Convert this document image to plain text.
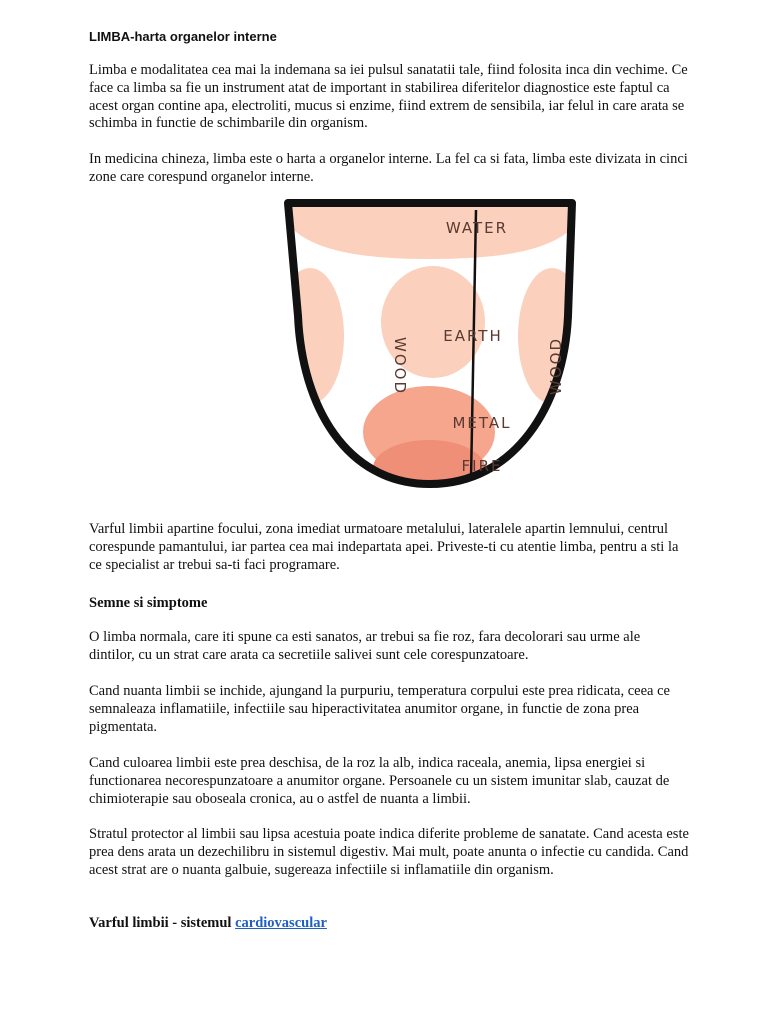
LIMBA-harta organelor interne

Limba e modalitatea cea mai la indemana sa iei pulsul sanatatii tale, fiind folosita inca din vechime. Ce face ca limba sa fie un instrument atat de important in stabilirea diferitelor diagnostice este faptul ca acest organ contine apa, electroliti, mucus si enzime, fiind extrem de sensibila, iar felul in care arata se schimba in functie de schimbarile din organism.

In medicina chineza, limba este o harta a organelor interne. La fel ca si fata, limba este divizata in cinci zone care corespund organelor interne.

WATER
EARTH
METAL
FIRE
WOOD	WOOD

Varful limbii apartine focului, zona imediat urmatoare metalului, lateralele apartin lemnului, centrul corespunde pamantului, iar partea cea mai indepartata apei. Priveste-ti cu atentie limba, pentru a sti la ce specialist ar trebui sa-ti faci programare.

Semne si simptome

O limba normala, care iti spune ca esti sanatos, ar trebui sa fie roz, fara decolorari sau urme ale dintilor, cu un strat care arata ca secretiile salivei sunt cele corespunzatoare.

Cand nuanta limbii se inchide, ajungand la purpuriu, temperatura corpului este prea ridicata, ceea ce semnaleaza inflamatiile, infectiile sau hiperactivitatea anumitor organe, in functie de zona prea pigmentata.

Cand culoarea limbii este prea deschisa, de la roz la alb, indica raceala, anemia, lipsa energiei si functionarea necorespunzatoare a anumitor organe. Persoanele cu un sistem imunitar slab, cauzat de chimioterapie sau oboseala cronica, au o astfel de nuanta a limbii.

Stratul protector al limbii sau lipsa acestuia poate indica diferite probleme de sanatate. Cand acesta este prea dens arata un dezechilibru in sistemul digestiv. Mai mult, poate anunta o infectie cu candida. Cand acest strat are o nuanta galbuie, sugereaza infectiile si inflamatiile din organism.

Varful limbii - sistemul cardiovascular
